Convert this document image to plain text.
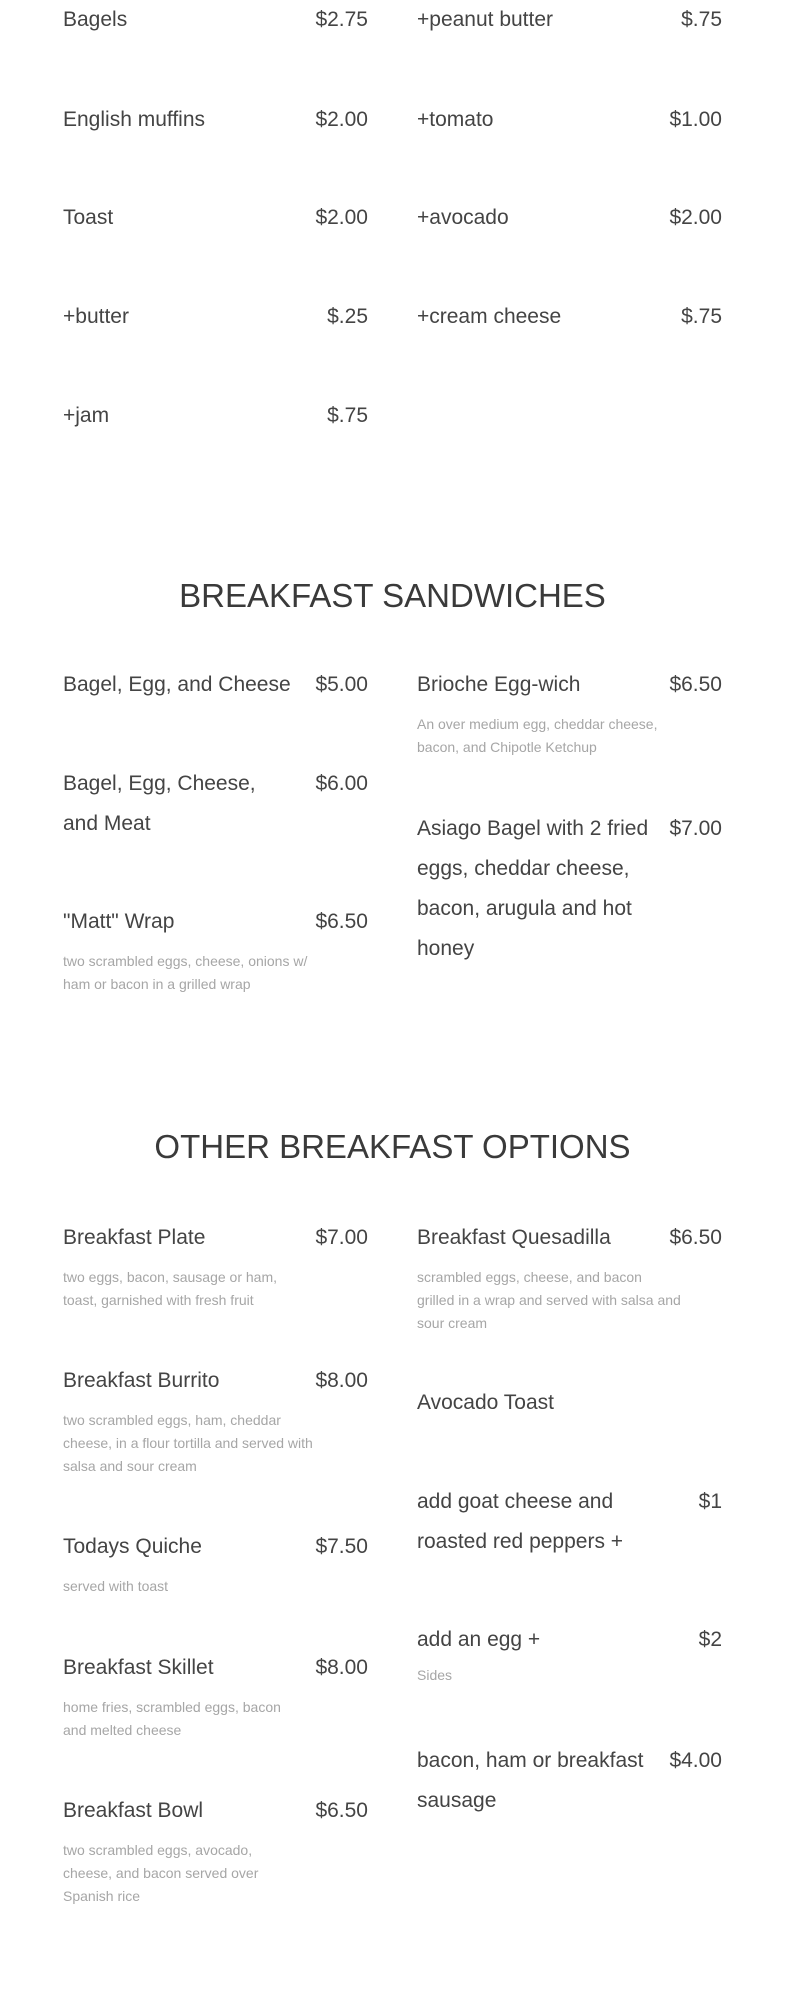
Bagels	$2.75
English muffins	$2.00
Toast	$2.00
+butter	$.25
+jam	$.75
+peanut butter	$.75
+tomato	$1.00
+avocado	$2.00
+cream cheese	$.75
BREAKFAST SANDWICHES
Bagel, Egg, and Cheese $5.00
Bagel, Egg, Cheese, and Meat
$6.00
"Matt" Wrap	$6.50
two scrambled eggs, cheese, onions w/ ham or bacon in a grilled wrap
Brioche Egg-wich	$6.50
An over medium egg, cheddar cheese, bacon, and Chipotle Ketchup
Asiago Bagel with 2 fried eggs, cheddar cheese, bacon, arugula and hot honey
$7.00
OTHER BREAKFAST OPTIONS
Breakfast Plate	$7.00
two eggs, bacon, sausage or ham, toast, garnished with fresh fruit
Breakfast Burrito	$8.00
two scrambled eggs, ham, cheddar cheese, in a flour tortilla and served with salsa and sour cream
Todays Quiche	$7.50
served with toast
Breakfast Skillet	$8.00
home fries, scrambled eggs, bacon and melted cheese
Breakfast Bowl	$6.50
two scrambled eggs, avocado, cheese, and bacon served over Spanish rice
Breakfast Quesadilla	$6.50
scrambled eggs, cheese, and bacon grilled in a wrap and served with salsa and sour cream
Avocado Toast
add goat cheese and roasted red peppers +
$1
add an egg +	$2
Sides
bacon, ham or breakfast sausage
$4.00
